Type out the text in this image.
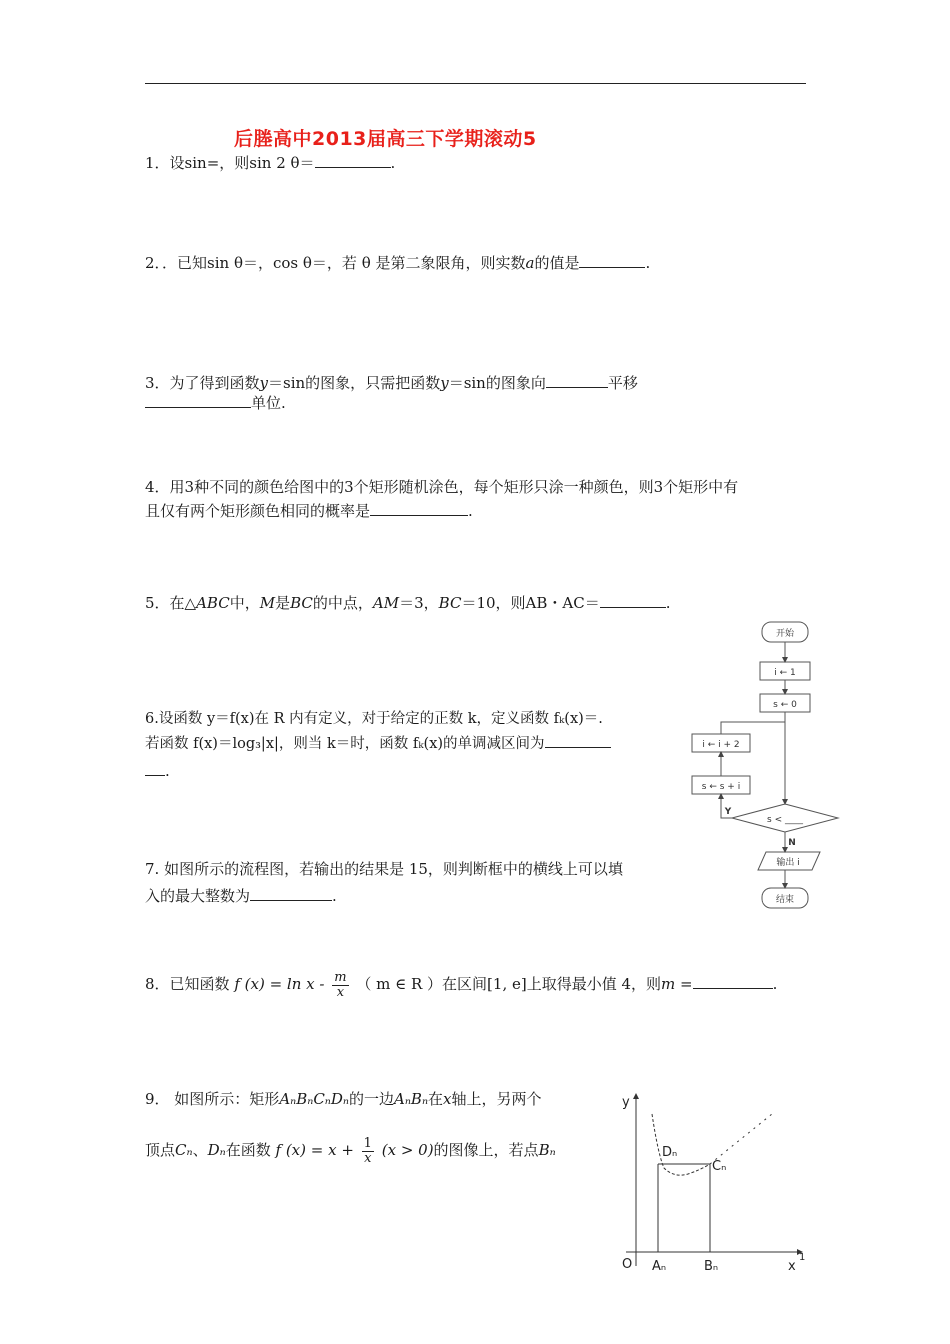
后塍高中2013届高三下学期滚动5
1．设sin=，则sin 2 θ＝	.
2．．已知sin θ＝，cos θ＝，若 θ 是第二象限角，则实数a的值是	.
3．为了得到函数y＝sin的图象，只需把函数y＝sin的图象向	平移
单位.
4．用3种不同的颜色给图中的3个矩形随机涂色，每个矩形只涂一种颜色，则3个矩形中有
且仅有两个矩形颜色相同的概率是	.
5．在△ABC中，M是BC的中点，AM＝3，BC＝10，则AB・AC＝	.
6.设函数 y＝f(x)在 R 内有定义，对于给定的正数 k，定义函数 fₖ(x)＝.
若函数 f(x)＝log₃|x|，则当 k＝时，函数 fₖ(x)的单调减区间为
.
7. 如图所示的流程图，若输出的结果是 15，则判断框中的横线上可以填
入的最大整数为	.
8．已知函数 f $(x) = \ln x - \frac{m}{x}$ （ m ∈ R ）在区间[1, e]上取得最小值 4，则m =	.
9． 如图所示：矩形AₙBₙCₙDₙ的一边AₙBₙ在x轴上，另两个
顶点Cₙ、Dₙ在函数 f $(x) = x + \frac{1}{x} (x > 0)$的图像上，若点Bₙ
开始
i ← 1
s ← 0
i ← i + 2
s ← s + i
s < ____
Y
N
输出 i
结束
y
x
O
Dₙ
Cₙ
Aₙ	Bₙ
1
